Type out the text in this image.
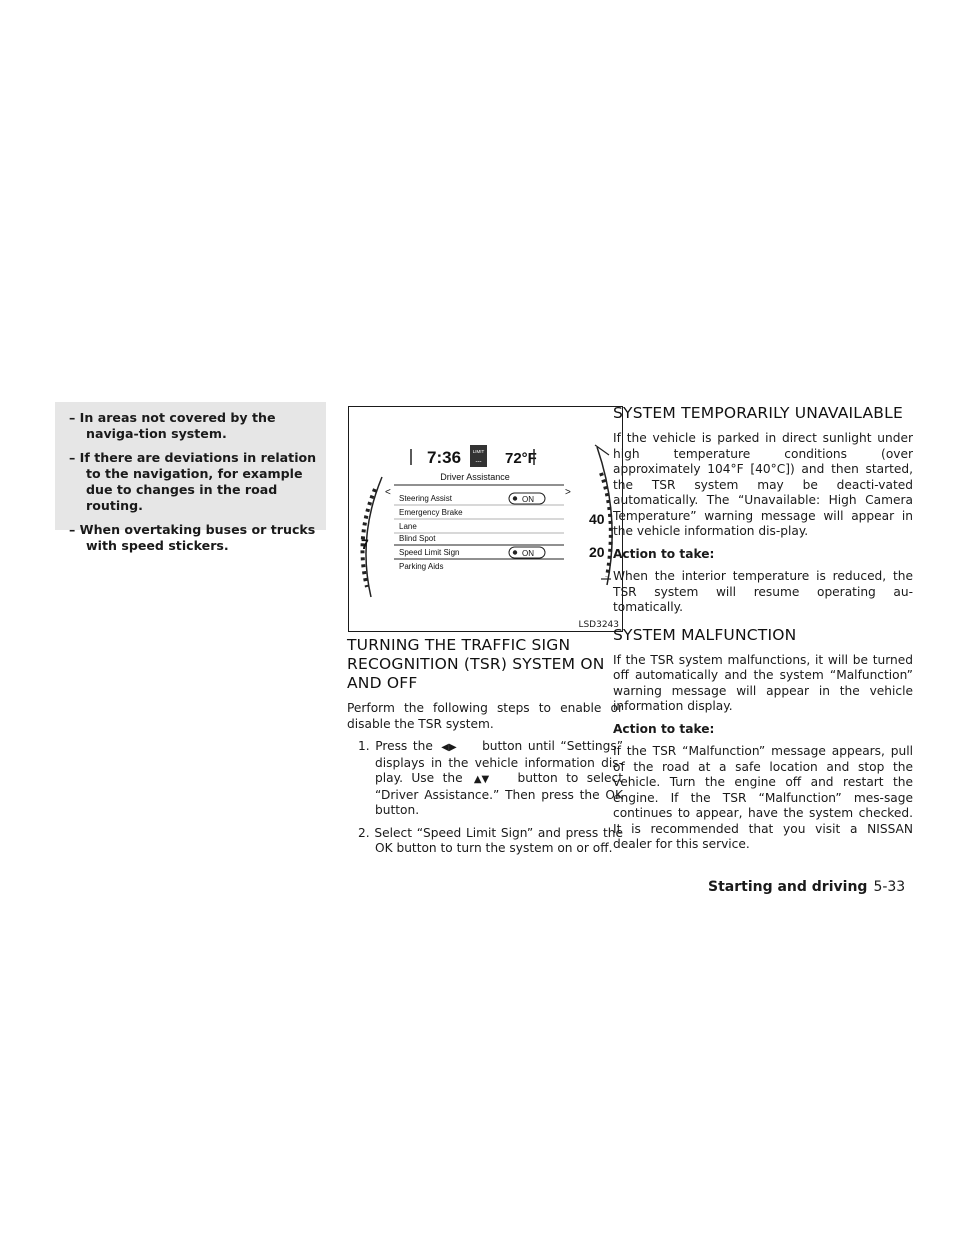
– In areas not covered by the naviga-tion system.
– If there are deviations in relation to the navigation, for example due to changes in the road routing.
– When overtaking buses or trucks with speed stickers.
7:36	LIMIT
--- 72°F
Driver Assistance
<	>
Steering Assist
Emergency Brake
Lane
Blind Spot
Speed Limit Sign
Parking Aids
ON
ON
7
40
20
LSD3243
TURNING THE TRAFFIC SIGN RECOGNITION (TSR) SYSTEM ON AND OFF

Perform the following steps to enable or disable the TSR system.

1. Press the ◀▶ button until “Settings” displays in the vehicle information dis-play. Use the ▲▼ button to select “Driver Assistance.” Then press the OK button.
2. Select “Speed Limit Sign” and press the OK button to turn the system on or off.
SYSTEM TEMPORARILY UNAVAILABLE

If the vehicle is parked in direct sunlight under high temperature conditions (over approximately 104°F [40°C]) and then started, the TSR system may be deacti-vated automatically. The “Unavailable: High Camera Temperature” warning message will appear in the vehicle information dis-play.

Action to take:

When the interior temperature is reduced, the TSR system will resume operating au-tomatically.

SYSTEM MALFUNCTION

If the TSR system malfunctions, it will be turned off automatically and the system “Malfunction” warning message will appear in the vehicle information display.

Action to take:

If the TSR “Malfunction” message appears, pull of the road at a safe location and stop the vehicle. Turn the engine off and restart the engine. If the TSR “Malfunction” mes-sage continues to appear, have the system checked. It is recommended that you visit a NISSAN dealer for this service.

Starting and driving 5-33
